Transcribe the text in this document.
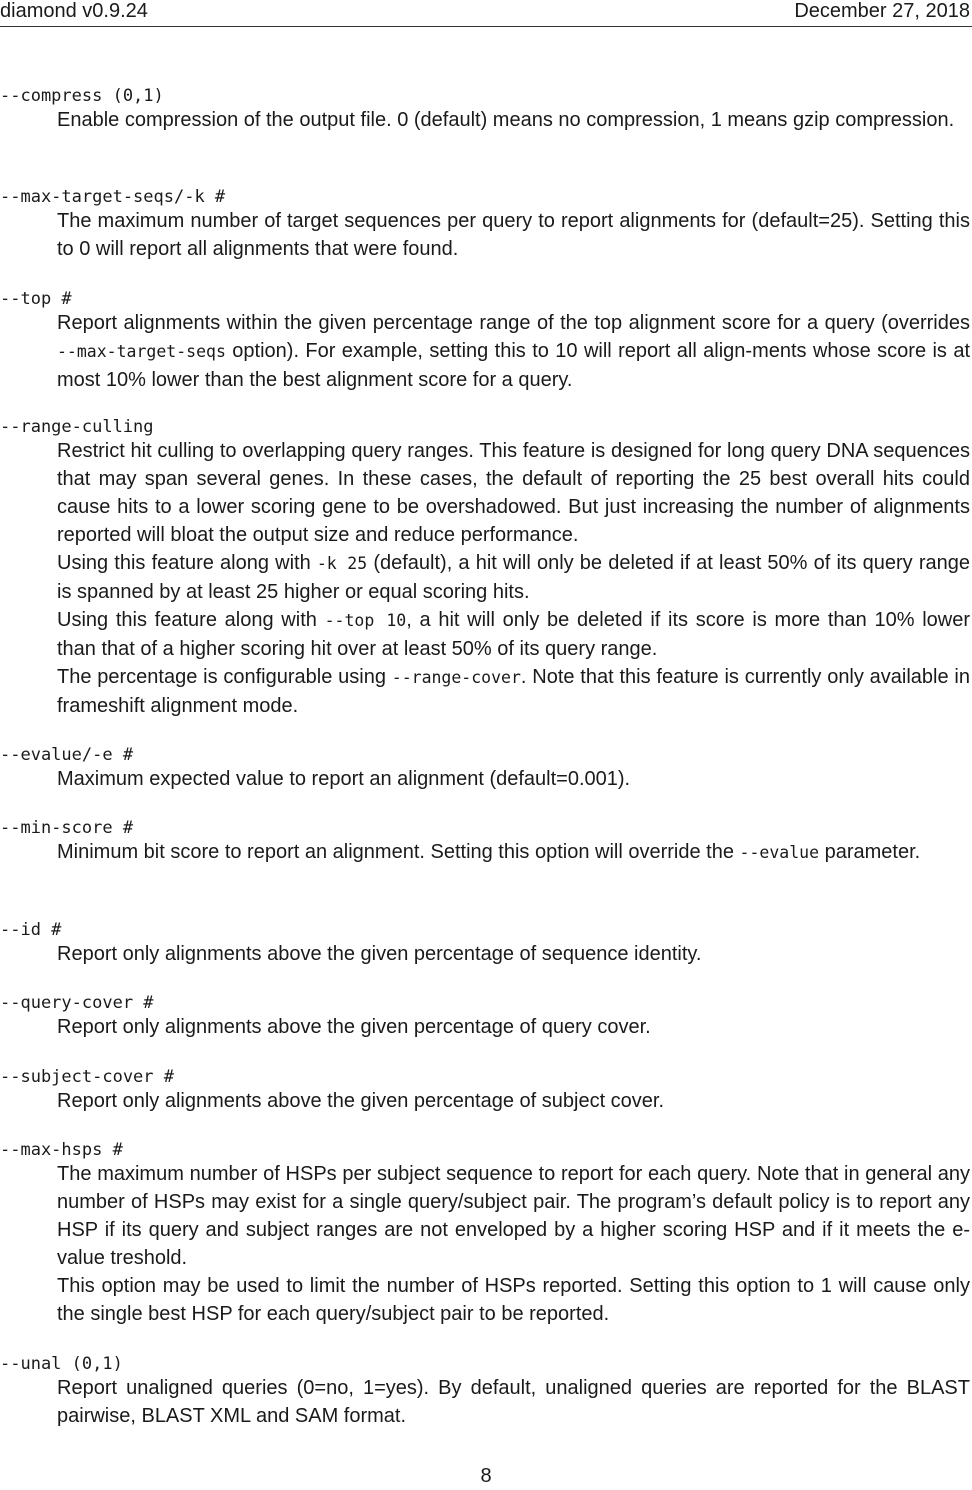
diamond v0.9.24	December 27, 2018
--compress (0,1)

Enable compression of the output file. 0 (default) means no compression, 1 means gzip compression.

--max-target-seqs/-k #

The maximum number of target sequences per query to report alignments for (default=25). Setting this to 0 will report all alignments that were found.

--top #

Report alignments within the given percentage range of the top alignment score for a query (overrides --max-target-seqs option). For example, setting this to 10 will report all align-ments whose score is at most 10% lower than the best alignment score for a query.

--range-culling

Restrict hit culling to overlapping query ranges. This feature is designed for long query DNA sequences that may span several genes. In these cases, the default of reporting the 25 best overall hits could cause hits to a lower scoring gene to be overshadowed. But just increasing the number of alignments reported will bloat the output size and reduce performance.

Using this feature along with -k 25 (default), a hit will only be deleted if at least 50% of its query range is spanned by at least 25 higher or equal scoring hits.

Using this feature along with --top 10, a hit will only be deleted if its score is more than 10% lower than that of a higher scoring hit over at least 50% of its query range.

The percentage is configurable using --range-cover. Note that this feature is currently only available in frameshift alignment mode.

--evalue/-e #

Maximum expected value to report an alignment (default=0.001).

--min-score #

Minimum bit score to report an alignment. Setting this option will override the --evalue parameter.

--id #

Report only alignments above the given percentage of sequence identity.

--query-cover #

Report only alignments above the given percentage of query cover.

--subject-cover #

Report only alignments above the given percentage of subject cover.

--max-hsps #

The maximum number of HSPs per subject sequence to report for each query. Note that in general any number of HSPs may exist for a single query/subject pair. The program’s default policy is to report any HSP if its query and subject ranges are not enveloped by a higher scoring HSP and if it meets the e-value treshold.

This option may be used to limit the number of HSPs reported. Setting this option to 1 will cause only the single best HSP for each query/subject pair to be reported.

--unal (0,1)

Report unaligned queries (0=no, 1=yes). By default, unaligned queries are reported for the BLAST pairwise, BLAST XML and SAM format.

8
